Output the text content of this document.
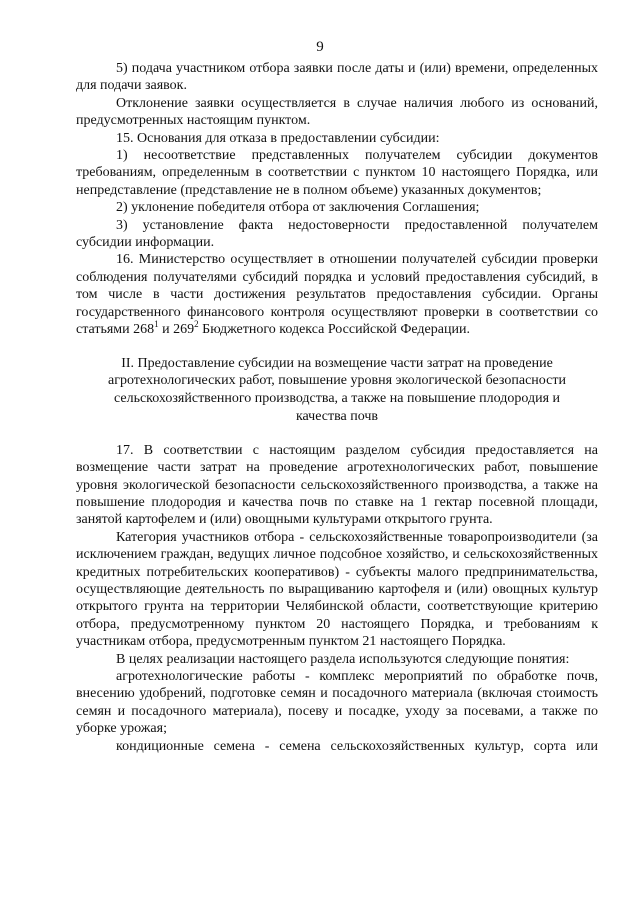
9

5) подача участником отбора заявки после даты и (или) времени, определенных для подачи заявок.

Отклонение заявки осуществляется в случае наличия любого из оснований, предусмотренных настоящим пунктом.

15. Основания для отказа в предоставлении субсидии:

1) несоответствие представленных получателем субсидии документов требованиям, определенным в соответствии с пунктом 10 настоящего Порядка, или непредставление (представление не в полном объеме) указанных документов;

2) уклонение победителя отбора от заключения Соглашения;

3) установление факта недостоверности предоставленной получателем субсидии информации.

16. Министерство осуществляет в отношении получателей субсидии проверки соблюдения получателями субсидий порядка и условий предоставления субсидий, в том числе в части достижения результатов предоставления субсидии. Органы государственного финансового контроля осуществляют проверки в соответствии со статьями $268^1$ и $269^2$ Бюджетного кодекса Российской Федерации.

II. Предоставление субсидии на возмещение части затрат на проведение
агротехнологических работ, повышение уровня экологической безопасности
сельскохозяйственного производства, а также на повышение плодородия и
качества почв

17. В соответствии с настоящим разделом субсидия предоставляется на возмещение части затрат на проведение агротехнологических работ, повышение уровня экологической безопасности сельскохозяйственного производства, а также на повышение плодородия и качества почв по ставке на 1 гектар посевной площади, занятой картофелем и (или) овощными культурами открытого грунта.

Категория участников отбора - сельскохозяйственные товаропроизводители (за исключением граждан, ведущих личное подсобное хозяйство, и сельскохозяйственных кредитных потребительских кооперативов) - субъекты малого предпринимательства, осуществляющие деятельность по выращиванию картофеля и (или) овощных культур открытого грунта на территории Челябинской области, соответствующие критерию отбора, предусмотренному пунктом 20 настоящего Порядка, и требованиям к участникам отбора, предусмотренным пунктом 21 настоящего Порядка.

В целях реализации настоящего раздела используются следующие понятия:

агротехнологические работы - комплекс мероприятий по обработке почв, внесению удобрений, подготовке семян и посадочного материала (включая стоимость семян и посадочного материала), посеву и посадке, уходу за посевами, а также по уборке урожая;

кондиционные семена - семена сельскохозяйственных культур, сорта или
